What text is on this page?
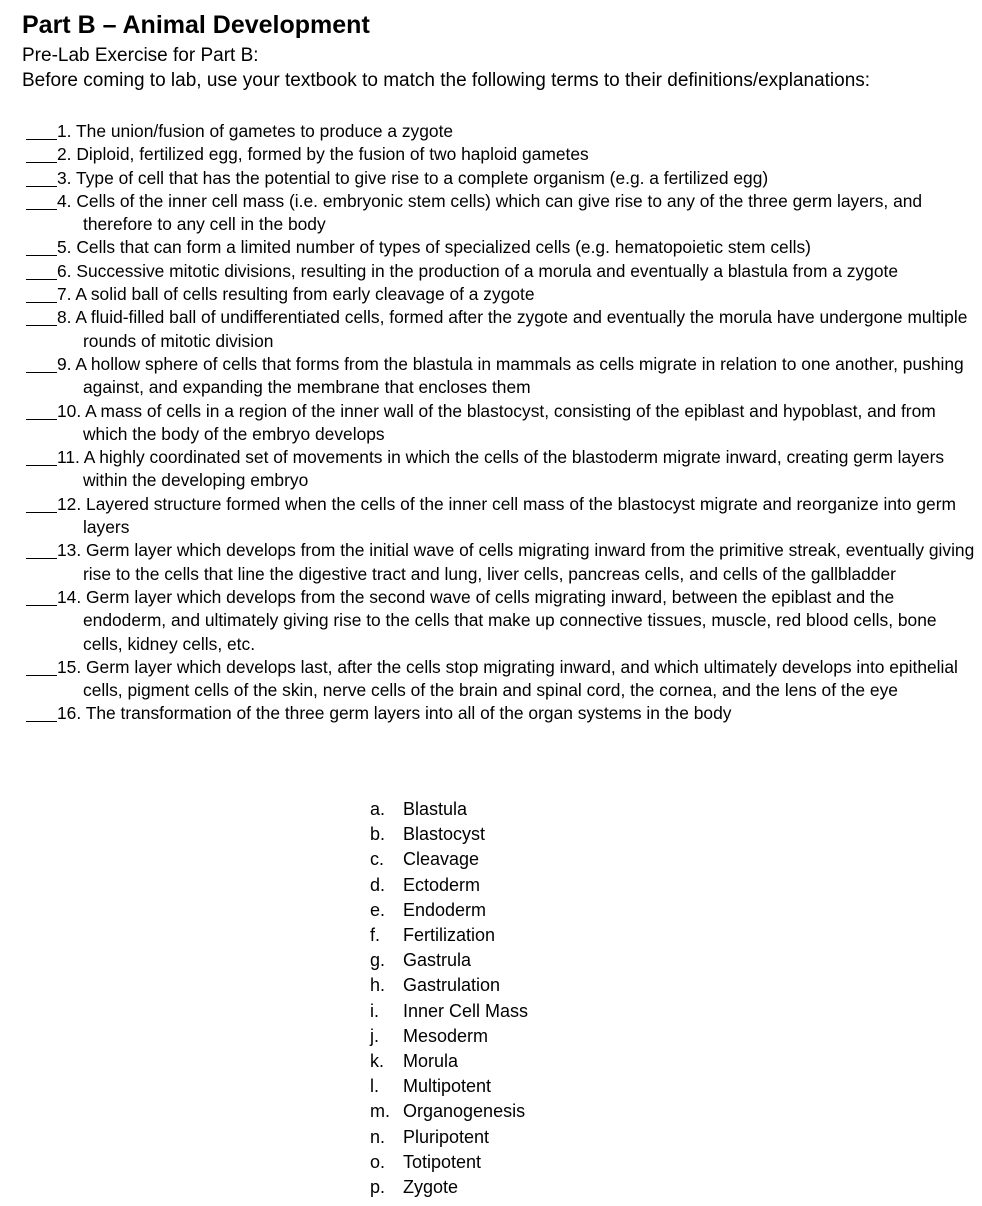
Part B – Animal Development
Pre-Lab Exercise for Part B:
Before coming to lab, use your textbook to match the following terms to their definitions/explanations:
1. The union/fusion of gametes to produce a zygote
2. Diploid, fertilized egg, formed by the fusion of two haploid gametes
3. Type of cell that has the potential to give rise to a complete organism (e.g. a fertilized egg)
4. Cells of the inner cell mass (i.e. embryonic stem cells) which can give rise to any of the three germ layers, and therefore to any cell in the body
5. Cells that can form a limited number of types of specialized cells (e.g. hematopoietic stem cells)
6. Successive mitotic divisions, resulting in the production of a morula and eventually a blastula from a zygote
7. A solid ball of cells resulting from early cleavage of a zygote
8. A fluid-filled ball of undifferentiated cells, formed after the zygote and eventually the morula have undergone multiple rounds of mitotic division
9. A hollow sphere of cells that forms from the blastula in mammals as cells migrate in relation to one another, pushing against, and expanding the membrane that encloses them
10. A mass of cells in a region of the inner wall of the blastocyst, consisting of the epiblast and hypoblast, and from which the body of the embryo develops
11. A highly coordinated set of movements in which the cells of the blastoderm migrate inward, creating germ layers within the developing embryo
12. Layered structure formed when the cells of the inner cell mass of the blastocyst migrate and reorganize into germ layers
13. Germ layer which develops from the initial wave of cells migrating inward from the primitive streak, eventually giving rise to the cells that line the digestive tract and lung, liver cells, pancreas cells, and cells of the gallbladder
14. Germ layer which develops from the second wave of cells migrating inward, between the epiblast and the endoderm, and ultimately giving rise to the cells that make up connective tissues, muscle, red blood cells, bone cells, kidney cells, etc.
15. Germ layer which develops last, after the cells stop migrating inward, and which ultimately develops into epithelial cells, pigment cells of the skin, nerve cells of the brain and spinal cord, the cornea, and the lens of the eye
16. The transformation of the three germ layers into all of the organ systems in the body
a. Blastula
b. Blastocyst
c.	Cleavage
d. Ectoderm
e. Endoderm
f.	Fertilization
g. Gastrula
h. Gastrulation
i.	Inner Cell Mass
j.	Mesoderm
k.	Morula
l.	Multipotent
m. Organogenesis
n. Pluripotent
o. Totipotent
p. Zygote
